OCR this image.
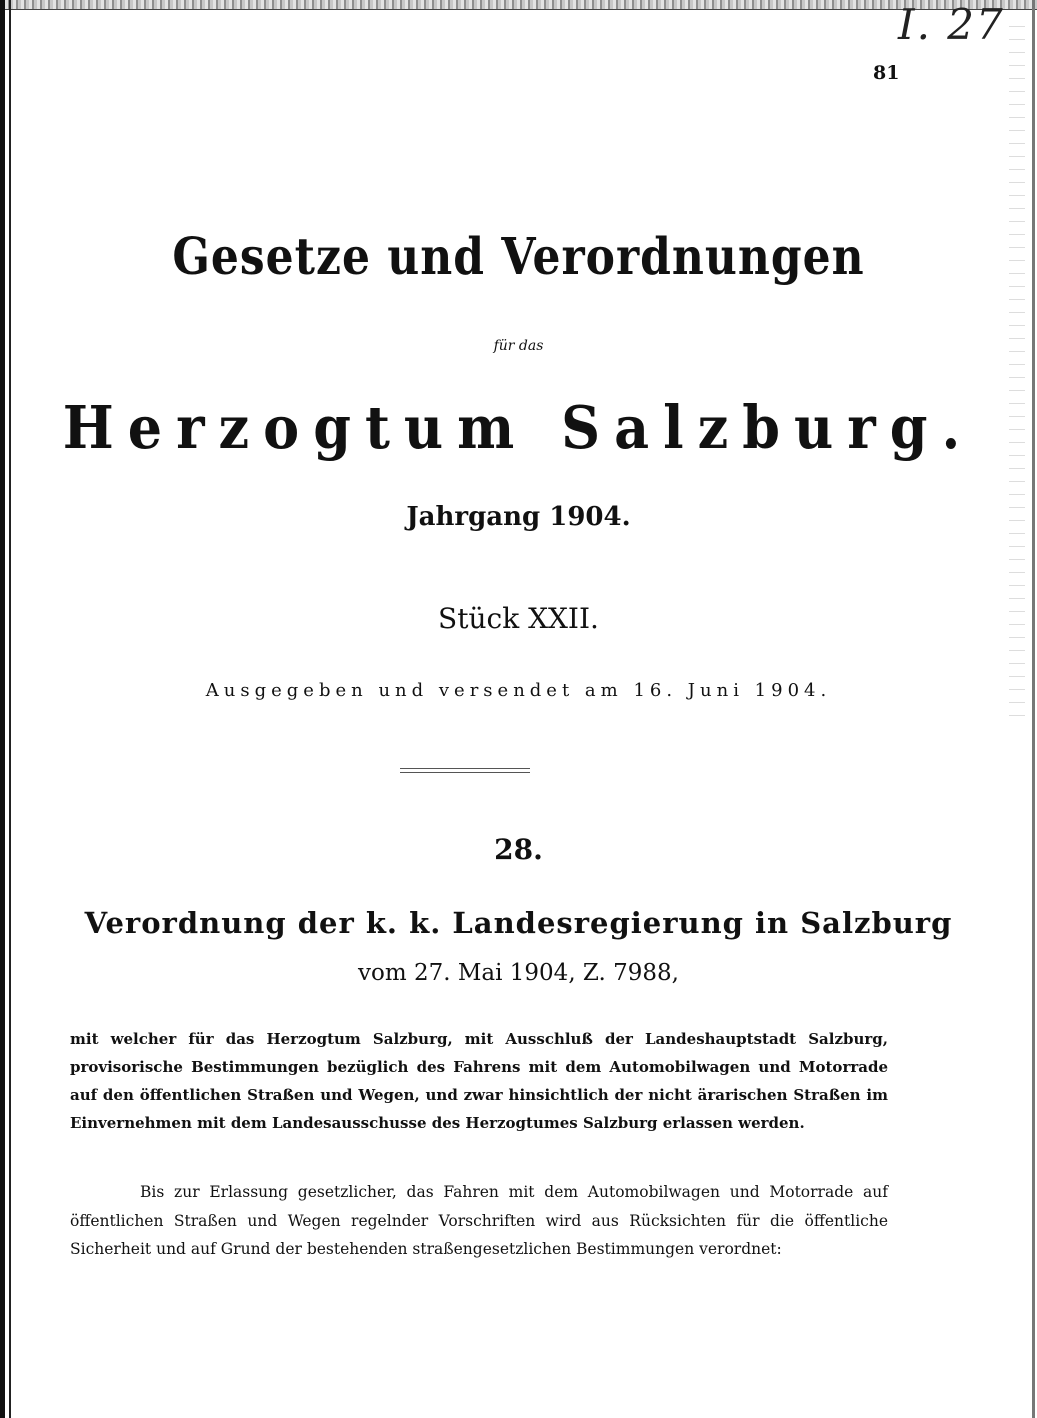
I. 27
81
Gesetze und Verordnungen
für das
Herzogtum Salzburg.
Jahrgang 1904.
Stück XXII.
Ausgegeben und versendet am 16. Juni 1904.
28.
Verordnung der k. k. Landesregierung in Salzburg
vom 27. Mai 1904, Z. 7988,

mit welcher für das Herzogtum Salzburg, mit Ausschluß der Landeshauptstadt Salzburg, provisorische Bestimmungen bezüglich des Fahrens mit dem Automobilwagen und Motorrade auf den öffentlichen Straßen und Wegen, und zwar hinsichtlich der nicht ärarischen Straßen im Einvernehmen mit dem Landesausschusse des Herzogtumes Salzburg erlassen werden.

Bis zur Erlassung gesetzlicher, das Fahren mit dem Automobilwagen und Motorrade auf öffentlichen Straßen und Wegen regelnder Vorschriften wird aus Rücksichten für die öffentliche Sicherheit und auf Grund der bestehenden straßengesetzlichen Bestimmungen verordnet:
